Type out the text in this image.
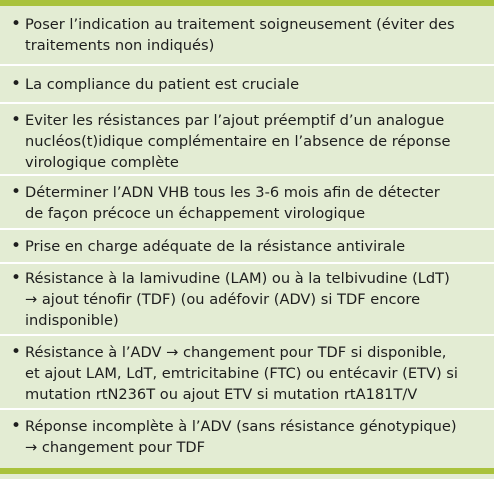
• Poser l’indication au traitement soigneusement (éviter des
traitements non indiqués)
• La compliance du patient est cruciale
• Eviter les résistances par l’ajout préemptif d’un analogue
nucléos(t)idique complémentaire en l’absence de réponse
virologique complète
• Déterminer l’ADN VHB tous les 3-6 mois afin de détecter
de façon précoce un échappement virologique
• Prise en charge adéquate de la résistance antivirale
• Résistance à la lamivudine (LAM) ou à la telbivudine (LdT)
→ ajout ténofir (TDF) (ou adéfovir (ADV) si TDF encore
indisponible)
• Résistance à l’ADV → changement pour TDF si disponible,
et ajout LAM, LdT, emtricitabine (FTC) ou entécavir (ETV) si
mutation rtN236T ou ajout ETV si mutation rtA181T/V
• Réponse incomplète à l’ADV (sans résistance génotypique)
→ changement pour TDF
